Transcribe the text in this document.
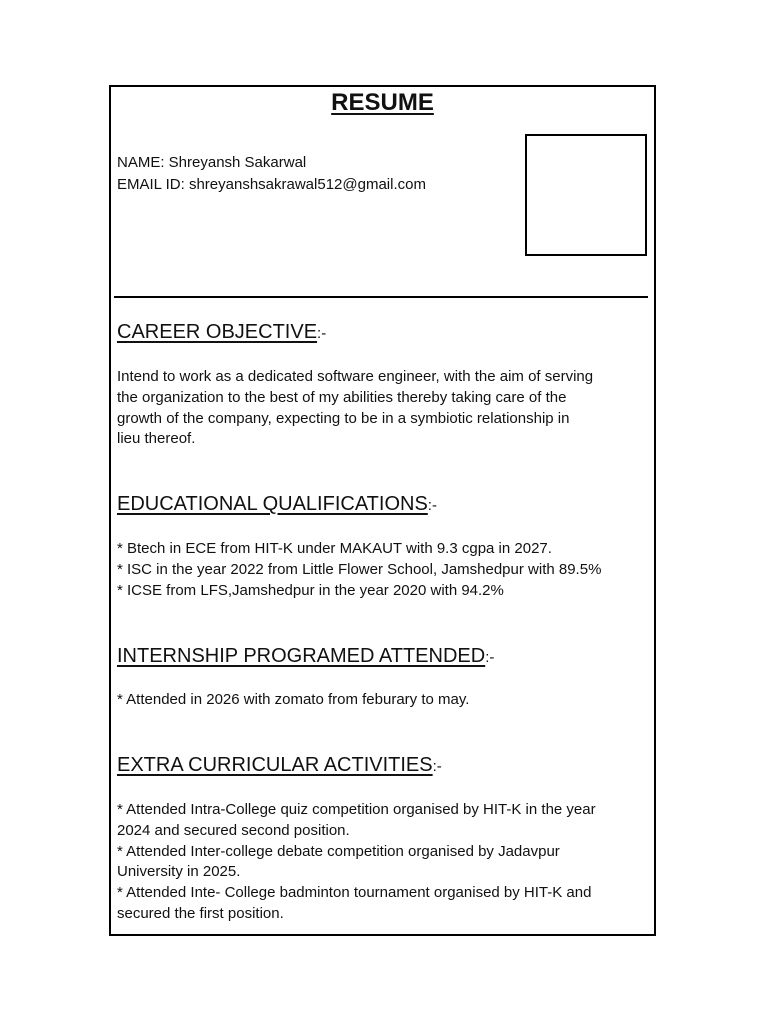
RESUME
NAME: Shreyansh Sakarwal
EMAIL ID: shreyanshsakrawal512@gmail.com
CAREER OBJECTIVE:-
Intend to work as a dedicated software engineer, with the aim of serving
the organization to the best of my abilities thereby taking care of the
growth of the company, expecting to be in a symbiotic relationship in
lieu thereof.
EDUCATIONAL QUALIFICATIONS:-
* Btech in ECE from HIT-K under MAKAUT with 9.3 cgpa in 2027.
* ISC in the year 2022 from Little Flower School, Jamshedpur with 89.5%
* ICSE from LFS,Jamshedpur in the year 2020 with 94.2%
INTERNSHIP PROGRAMED ATTENDED:-
* Attended in 2026 with zomato from feburary to may.
EXTRA CURRICULAR ACTIVITIES:-
* Attended Intra-College quiz competition organised by HIT-K in the year
2024 and secured second position.
* Attended Inter-college debate competition organised by Jadavpur
University in 2025.
* Attended Inte- College badminton tournament organised by HIT-K and
secured the first position.
